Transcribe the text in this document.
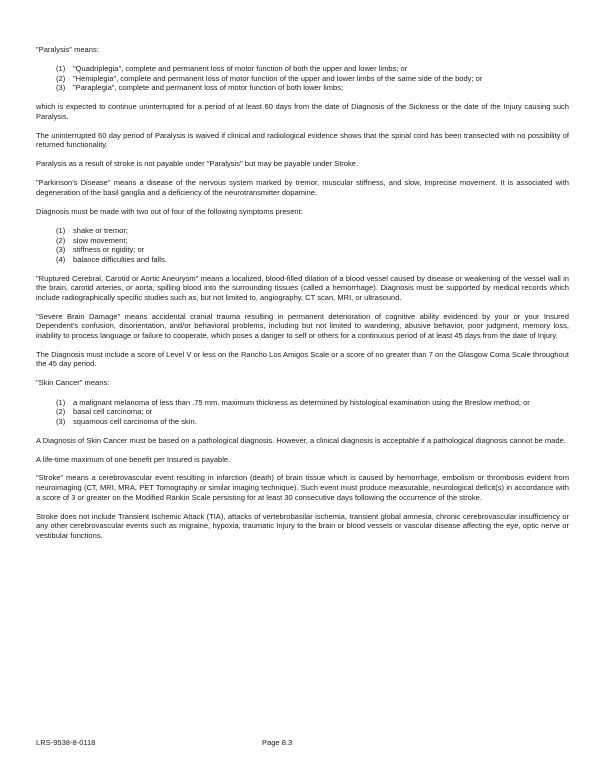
"Paralysis" means:

(1) "Quadriplegia", complete and permanent loss of motor function of both the upper and lower limbs; or
(2) "Hemiplegia", complete and permanent loss of motor function of the upper and lower limbs of the same side of the body; or
(3) "Paraplegia", complete and permanent loss of motor function of both lower limbs;

which is expected to continue uninterrupted for a period of at least 60 days from the date of Diagnosis of the Sickness or the date of the Injury causing such Paralysis.

The uninterrupted 60 day period of Paralysis is waived if clinical and radiological evidence shows that the spinal cord has been transected with no possibility of returned functionality.

Paralysis as a result of stroke is not payable under "Paralysis" but may be payable under Stroke.

"Parkinson's Disease" means a disease of the nervous system marked by tremor, muscular stiffness, and slow, imprecise movement. It is associated with degeneration of the basil ganglia and a deficiency of the neurotransmitter dopamine.

Diagnosis must be made with two out of four of the following symptoms present:

(1) shake or tremor;
(2) slow movement;
(3) stiffness or rigidity; or
(4) balance difficulties and falls.

"Ruptured Cerebral, Carotid or Aortic Aneurysm" means a localized, blood-filled dilation of a blood vessel caused by disease or weakening of the vessel wall in the brain, carotid arteries, or aorta, spilling blood into the surrounding tissues (called a hemorrhage). Diagnosis must be supported by medical records which include radiographically specific studies such as, but not limited to, angiography, CT scan, MRI, or ultrasound.

"Severe Brain Damage" means accidental cranial trauma resulting in permanent deterioration of cognitive ability evidenced by your or your Insured Dependent's confusion, disorientation, and/or behavioral problems, including but not limited to wandering, abusive behavior, poor judgment, memory loss, inability to process language or failure to cooperate, which poses a danger to self or others for a continuous period of at least 45 days from the date of Injury.

The Diagnosis must include a score of Level V or less on the Rancho Los Amigos Scale or a score of no greater than 7 on the Glasgow Coma Scale throughout the 45 day period.

"Skin Cancer" means:

(1) a malignant melanoma of less than .75 mm. maximum thickness as determined by histological examination using the Breslow method; or
(2) basal cell carcinoma; or
(3) squamous cell carcinoma of the skin.

A Diagnosis of Skin Cancer must be based on a pathological diagnosis. However, a clinical diagnosis is acceptable if a pathological diagnosis cannot be made.

A life-time maximum of one benefit per Insured is payable.

"Stroke" means a cerebrovascular event resulting in infarction (death) of brain tissue which is caused by hemorrhage, embolism or thrombosis evident from neuroimaging (CT, MRI, MRA, PET Tomography or similar imaging technique). Such event must produce measurable, neurological deficit(s) in accordance with a score of 3 or greater on the Modified Rankin Scale persisting for at least 30 consecutive days following the occurrence of the stroke.

Stroke does not include Transient Ischemic Attack (TIA), attacks of vertebrobasilar ischemia, transient global amnesia, chronic cerebrovascular insufficiency or any other cerebrovascular events such as migraine, hypoxia, traumatic Injury to the brain or blood vessels or vascular disease affecting the eye, optic nerve or vestibular functions.

LRS-9538-8-0118	Page 8.3
